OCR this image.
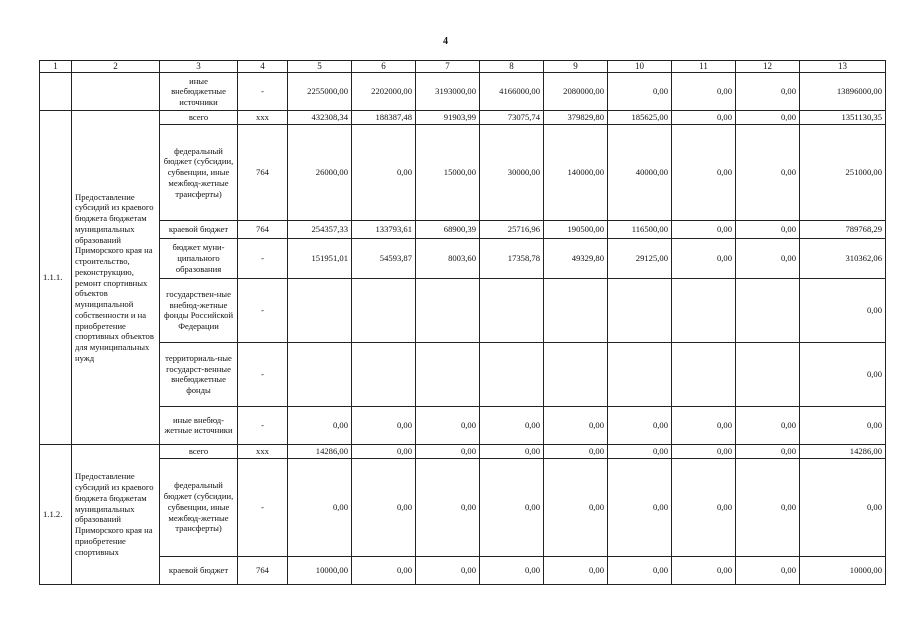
4
1	2	3	4	5	6	7	8	9	10	11	12	13
		иные внебюджетные источники	-	2255000,00	2202000,00	3193000,00	4166000,00	2080000,00	0,00	0,00	0,00	13896000,00
1.1.1.	Предоставление субсидий из краевого бюджета бюджетам муниципальных образований Приморского края на строительство, реконструкцию, ремонт спортивных объектов муниципальной собственности и на приобретение спортивных объектов для муниципальных нужд	всего	ххх	432308,34	188387,48	91903,99	73075,74	379829,80	185625,00	0,00	0,00	1351130,35
		федеральный бюджет (субсидии, субвенции, иные межбюд-жетные трансферты)	764	26000,00	0,00	15000,00	30000,00	140000,00	40000,00	0,00	0,00	251000,00
		краевой бюджет	764	254357,33	133793,61	68900,39	25716,96	190500,00	116500,00	0,00	0,00	789768,29
		бюджет муни-ципального образования	-	151951,01	54593,87	8003,60	17358,78	49329,80	29125,00	0,00	0,00	310362,06
		государствен-ные внебюд-жетные фонды Российской Федерации	-									0,00
		территориаль-ные государст-венные внебюджетные фонды	-									0,00
		иные внебюд-жетные источники	-	0,00	0,00	0,00	0,00	0,00	0,00	0,00	0,00	0,00
1.1.2.	Предоставление субсидий из краевого бюджета бюджетам муниципальных образований Приморского края на приобретение спортивных	всего	ххх	14286,00	0,00	0,00	0,00	0,00	0,00	0,00	0,00	14286,00
		федеральный бюджет (субсидии, субвенции, иные межбюд-жетные трансферты)	-	0,00	0,00	0,00	0,00	0,00	0,00	0,00	0,00	0,00
		краевой бюджет	764	10000,00	0,00	0,00	0,00	0,00	0,00	0,00	0,00	10000,00
